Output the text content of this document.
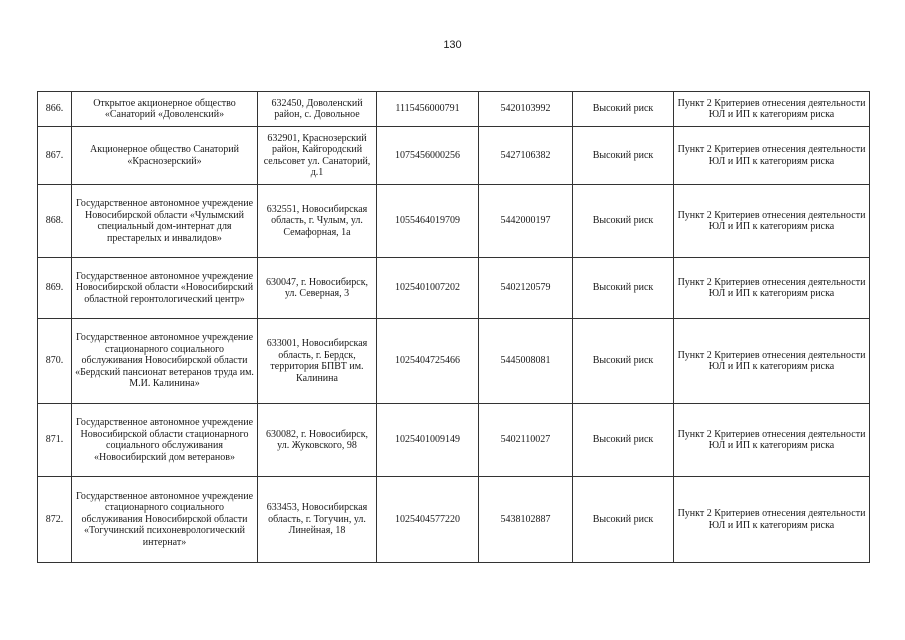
130
866.	Открытое акционерное общество «Санаторий «Доволенский»	632450, Доволенский район, с. Довольное	1115456000791	5420103992	Высокий риск	Пункт 2 Критериев отнесения деятельности ЮЛ и ИП к категориям риска
867.	Акционерное общество Санаторий «Краснозерский»	632901, Краснозерский район, Кайгородский сельсовет ул. Санаторий, д.1	1075456000256	5427106382	Высокий риск	Пункт 2 Критериев отнесения деятельности ЮЛ и ИП к категориям риска
868.	Государственное автономное учреждение Новосибирской области «Чулымский специальный дом-интернат для престарелых и инвалидов»	632551, Новосибирская область, г. Чулым, ул. Семафорная, 1а	1055464019709	5442000197	Высокий риск	Пункт 2 Критериев отнесения деятельности ЮЛ и ИП к категориям риска
869.	Государственное автономное учреждение Новосибирской области «Новосибирский областной геронтологический центр»	630047, г. Новосибирск, ул. Северная, 3	1025401007202	5402120579	Высокий риск	Пункт 2 Критериев отнесения деятельности ЮЛ и ИП к категориям риска
870.	Государственное автономное учреждение стационарного социального обслуживания Новосибирской области «Бердский пансионат ветеранов труда им. М.И. Калинина»	633001, Новосибирская область, г. Бердск, территория БПВТ им. Калинина	1025404725466	5445008081	Высокий риск	Пункт 2 Критериев отнесения деятельности ЮЛ и ИП к категориям риска
871.	Государственное автономное учреждение Новосибирской области стационарного социального обслуживания «Новосибирский дом ветеранов»	630082, г. Новосибирск, ул. Жуковского, 98	1025401009149	5402110027	Высокий риск	Пункт 2 Критериев отнесения деятельности ЮЛ и ИП к категориям риска
872.	Государственное автономное учреждение стационарного социального обслуживания Новосибирской области «Тогучинский психоневрологический интернат»	633453, Новосибирская область, г. Тогучин, ул. Линейная, 18	1025404577220	5438102887	Высокий риск	Пункт 2 Критериев отнесения деятельности ЮЛ и ИП к категориям риска
